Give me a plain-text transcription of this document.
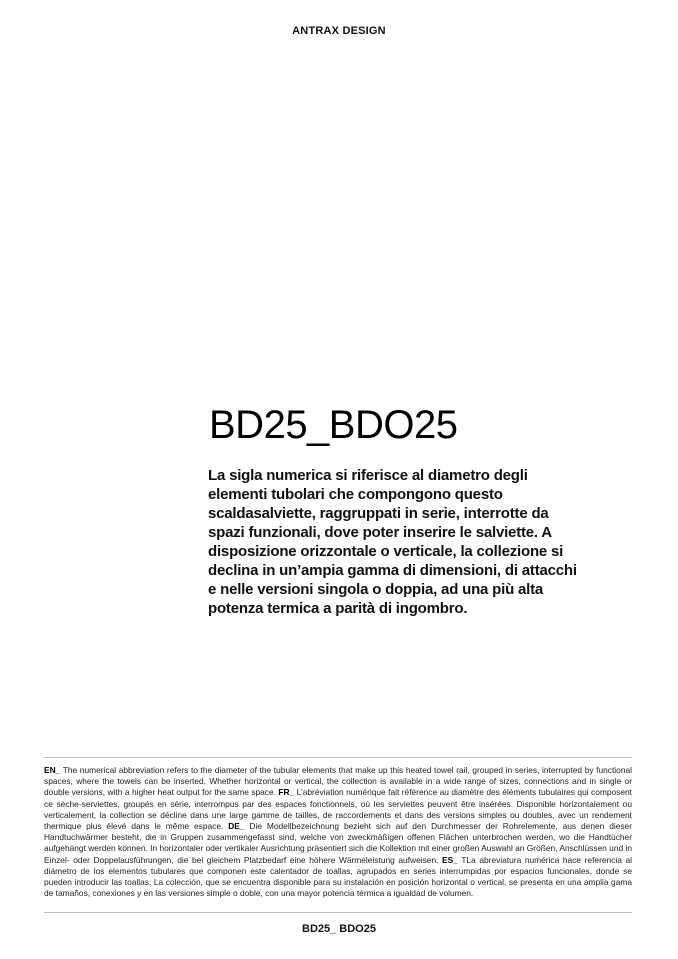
ANTRAX DESIGN
BD25_BDO25

La sigla numerica si riferisce al diametro degli elementi tubolari che compongono questo scaldasalviette, raggruppati in serie, interrotte da spazi funzionali, dove poter inserire le salviette. A disposizione orizzontale o verticale, la collezione si declina in un’ampia gamma di dimensioni, di attacchi e nelle versioni singola o doppia, ad una più alta potenza termica a parità di ingombro.

EN_ The numerical abbreviation refers to the diameter of the tubular elements that make up this heated towel rail, grouped in series, interrupted by functional spaces, where the towels can be inserted. Whether horizontal or vertical, the collection is available in a wide range of sizes, connections and in single or double versions, with a higher heat output for the same space. FR_ L’abréviation numérique fait référence au diamètre des éléments tubulaires qui composent ce sèche-serviettes, groupés en série, interrompus par des espaces fonctionnels, où les serviettes peuvent être insérées. Disponible horizontalement ou verticalement, la collection se décline dans une large gamme de tailles, de raccordements et dans des versions simples ou doubles, avec un rendement thermique plus élevé dans le même espace. DE_ Die Modellbezeichnung bezieht sich auf den Durchmesser der Rohrelemente, aus denen dieser Handtuchwärmer besteht, die in Gruppen zusammengefasst sind, welche von zweckmäßigen offenen Flächen unterbrochen werden, wo die Handtücher aufgehängt werden können. In horizontaler oder vertikaler Ausrichtung präsentiert sich die Kollektion mit einer großen Auswahl an Größen, Anschlüssen und in Einzel- oder Doppelausführungen, die bei gleichem Platzbedarf eine höhere Wärmeleistung aufweisen. ES_ TLa abreviatura numérica hace referencia al diámetro de los elementos tubulares que componen este calentador de toallas, agrupados en series interrumpidas por espacios funcionales, donde se pueden introducir las toallas. La colección, que se encuentra disponible para su instalación en posición horizontal o vertical, se presenta en una amplia gama de tamaños, conexiones y en las versiones simple o doble, con una mayor potencia térmica a igualdad de volumen.

BD25_ BDO25
